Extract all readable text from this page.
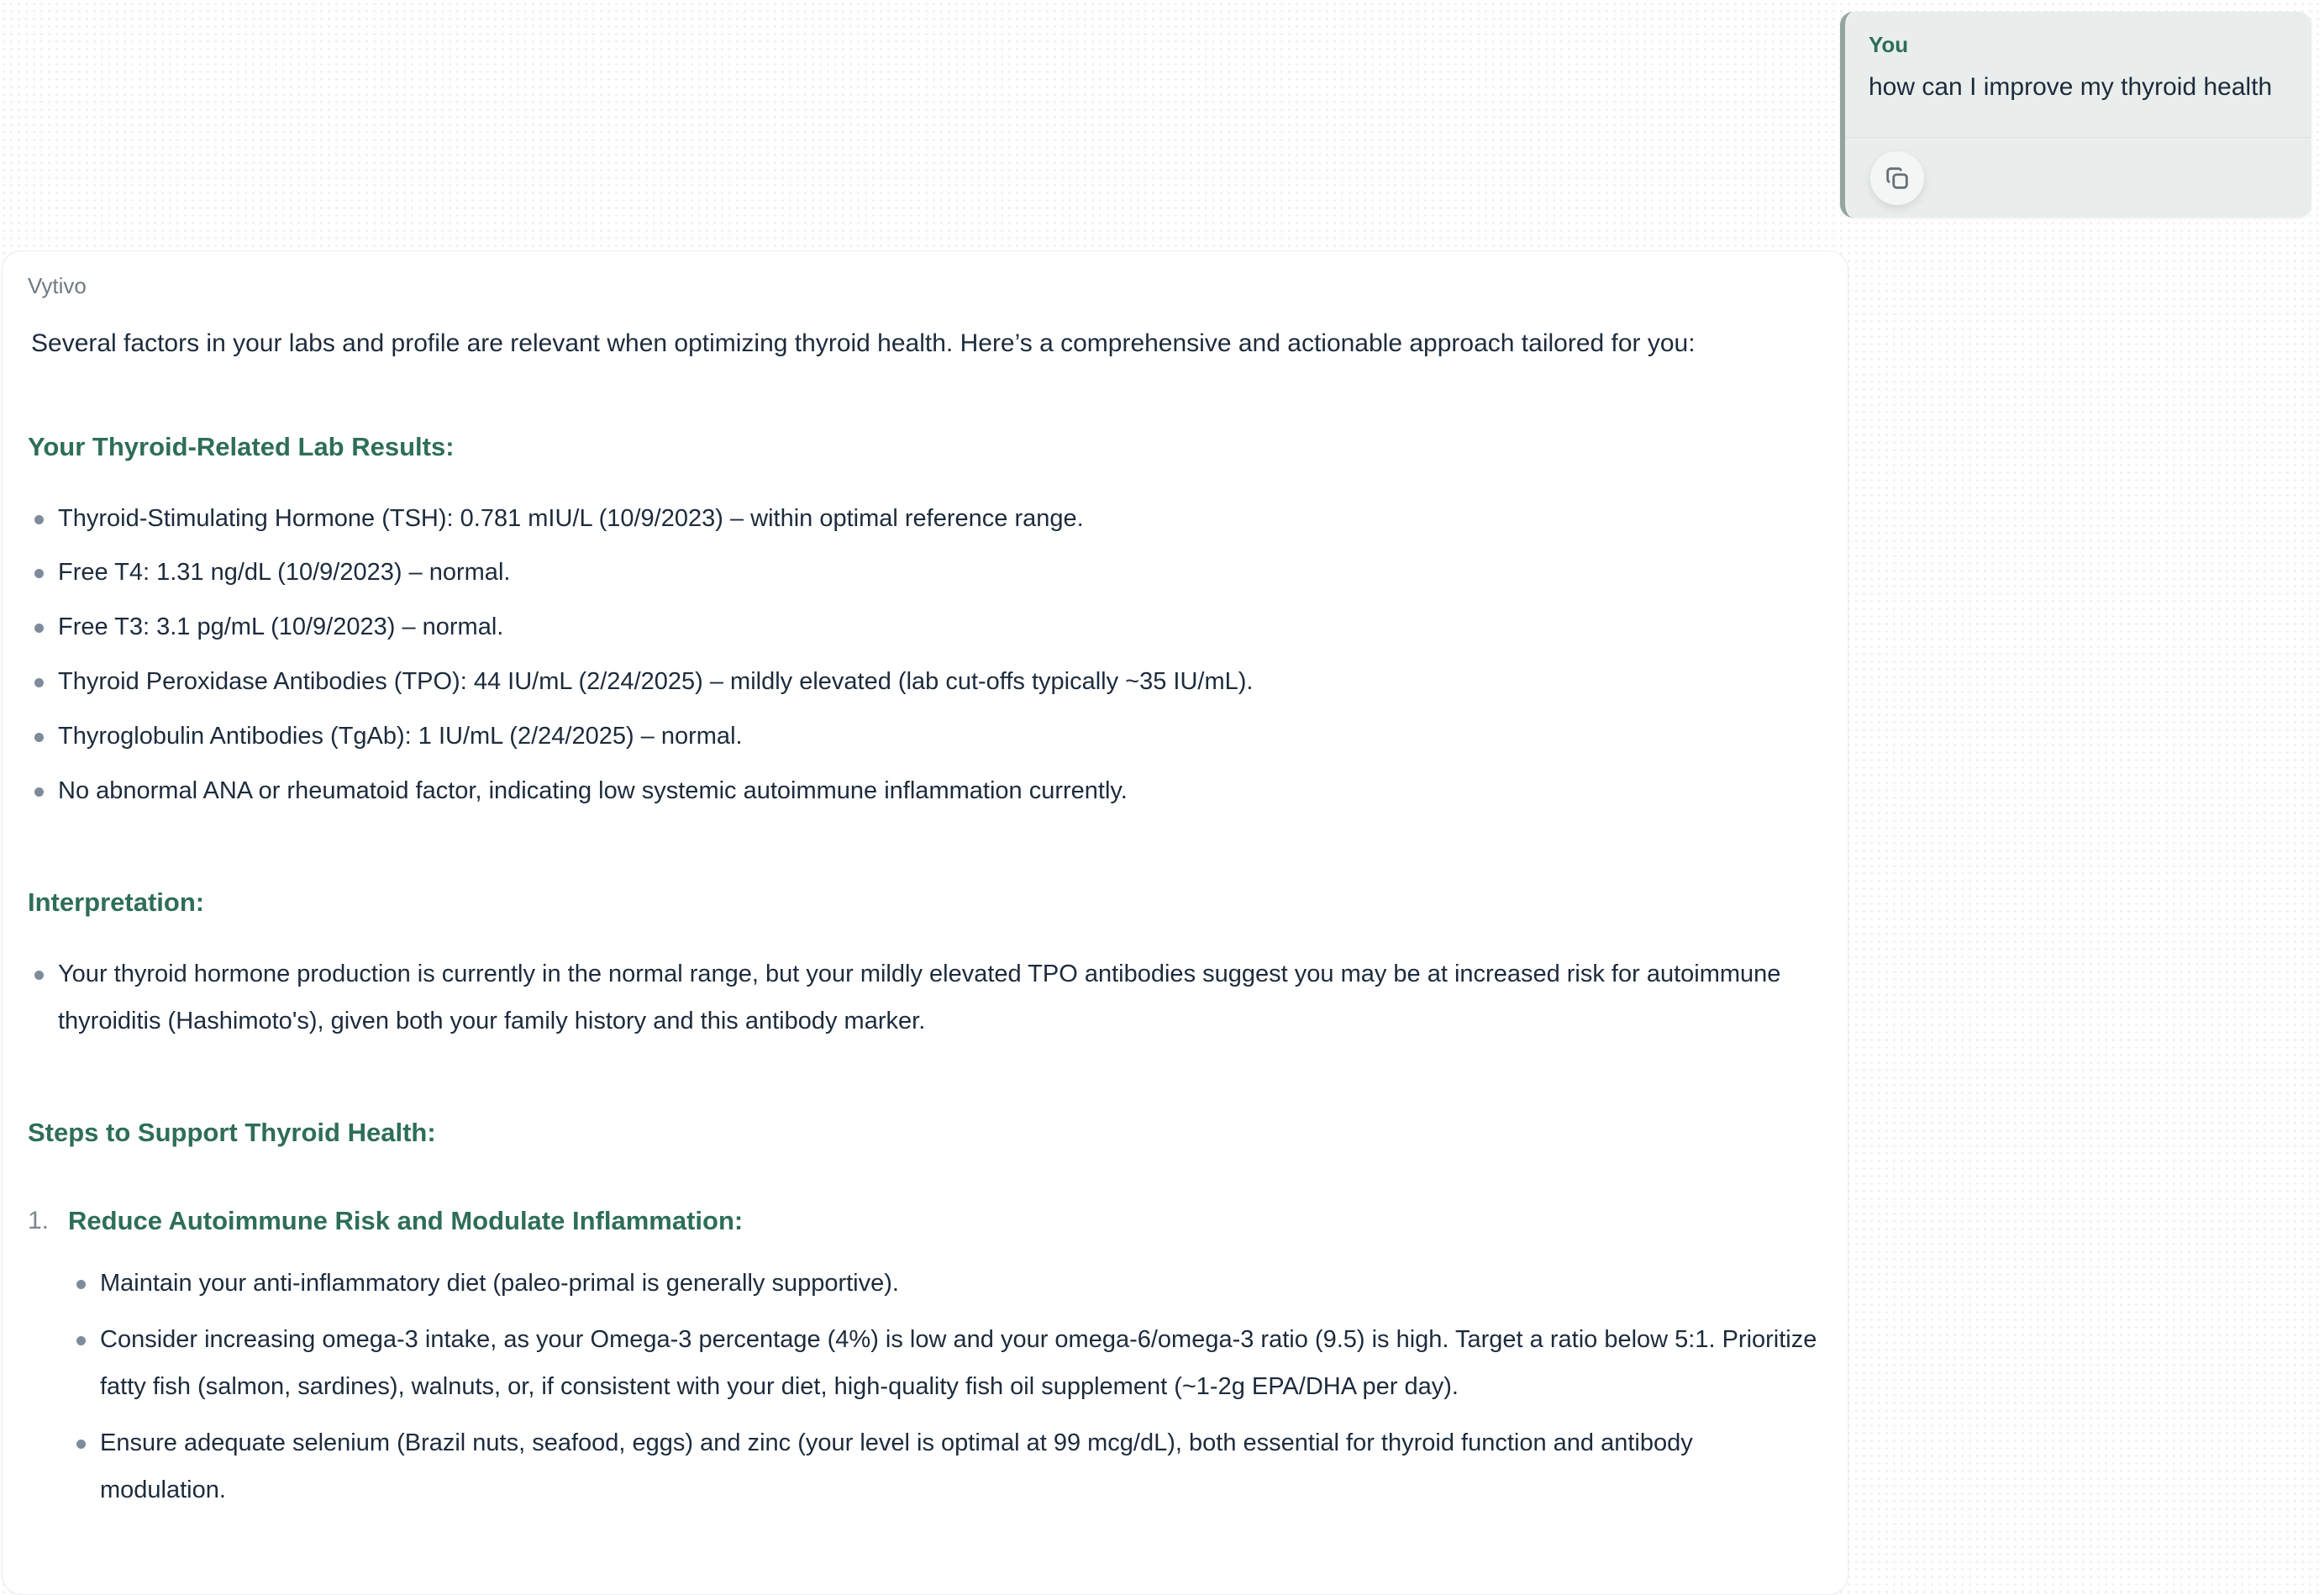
You
how can I improve my thyroid health
Vytivo
Several factors in your labs and profile are relevant when optimizing thyroid health. Here’s a comprehensive and actionable approach tailored for you:
Your Thyroid-Related Lab Results:
Thyroid-Stimulating Hormone (TSH): 0.781 mIU/L (10/9/2023) – within optimal reference range.
Free T4: 1.31 ng/dL (10/9/2023) – normal.
Free T3: 3.1 pg/mL (10/9/2023) – normal.
Thyroid Peroxidase Antibodies (TPO): 44 IU/mL (2/24/2025) – mildly elevated (lab cut-offs typically ~35 IU/mL).
Thyroglobulin Antibodies (TgAb): 1 IU/mL (2/24/2025) – normal.
No abnormal ANA or rheumatoid factor, indicating low systemic autoimmune inflammation currently.
Interpretation:
Your thyroid hormone production is currently in the normal range, but your mildly elevated TPO antibodies suggest you may be at increased risk for autoimmune thyroiditis (Hashimoto's), given both your family history and this antibody marker.
Steps to Support Thyroid Health:
1. Reduce Autoimmune Risk and Modulate Inflammation:
Maintain your anti-inflammatory diet (paleo-primal is generally supportive).
Consider increasing omega-3 intake, as your Omega-3 percentage (4%) is low and your omega-6/omega-3 ratio (9.5) is high. Target a ratio below 5:1. Prioritize fatty fish (salmon, sardines), walnuts, or, if consistent with your diet, high-quality fish oil supplement (~1-2g EPA/DHA per day).
Ensure adequate selenium (Brazil nuts, seafood, eggs) and zinc (your level is optimal at 99 mcg/dL), both essential for thyroid function and antibody modulation.
